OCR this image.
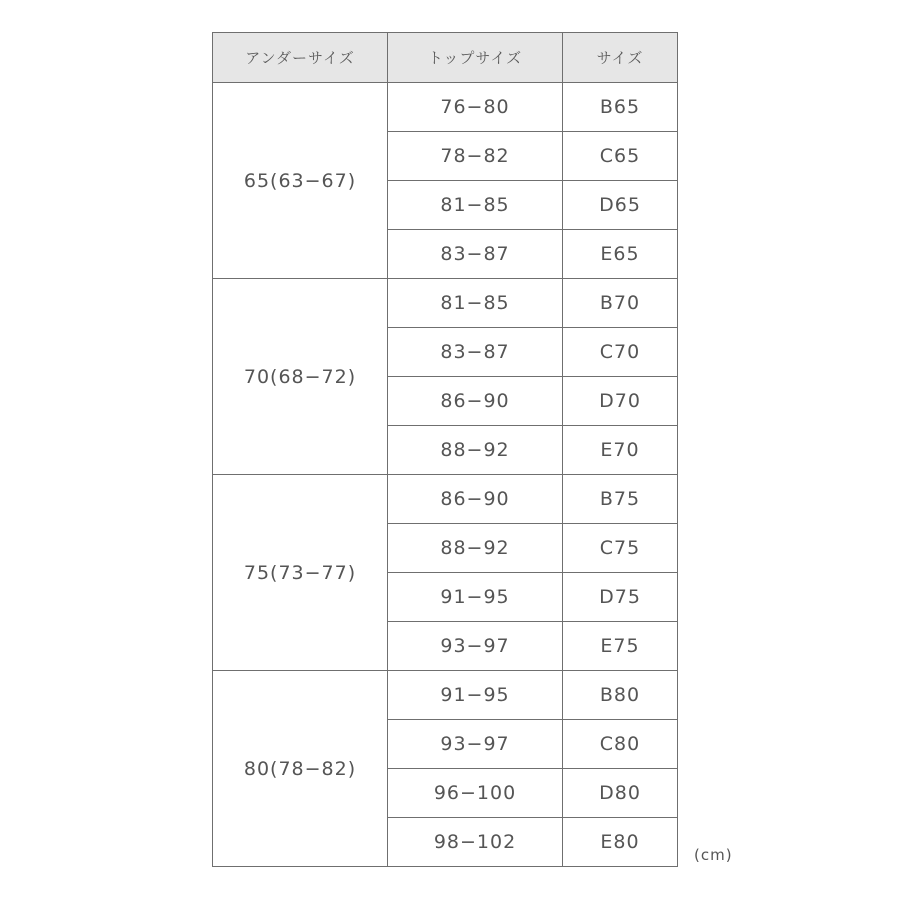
アンダーサイズ	トップサイズ	サイズ
65(63−67)	76−80	B65
	78−82	C65
	81−85	D65
	83−87	E65
70(68−72)	81−85	B70
	83−87	C70
	86−90	D70
	88−92	E70
75(73−77)	86−90	B75
	88−92	C75
	91−95	D75
	93−97	E75
80(78−82)	91−95	B80
	93−97	C80
	96−100	D80
	98−102	E80
(cm)
